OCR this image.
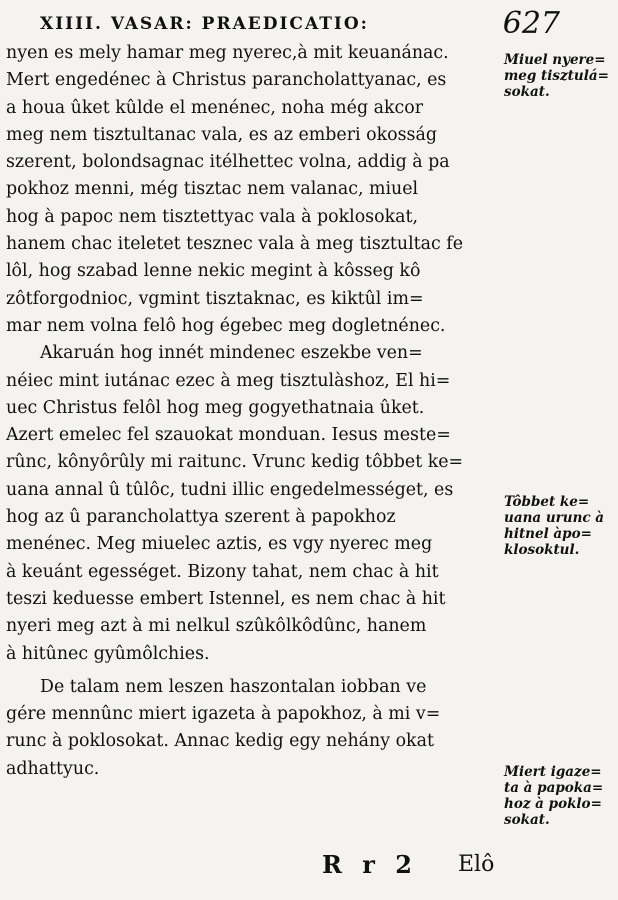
XIIII. VASAR: PRAEDICATIO:	627
nyen es mely hamar meg nyerec,à mit keuanánac.
Mert engedénec à Christus parancholattyanac, es
a houa ûket kûlde el menénec, noha még akcor
meg nem tisztultanac vala, es az emberi okosság
szerent, bolondsagnac itélhettec volna, addig à pa
pokhoz menni, még tisztac nem valanac, miuel
hog à papoc nem tisztettyac vala à poklosokat,
hanem chac iteletet tesznec vala à meg tisztultac fe
lôl, hog szabad lenne nekic megint à kôsseg kô
zôtforgodnioc, vgmint tisztaknac, es kiktûl im=
mar nem volna felô hog égebec meg dogletnénec.
Akaruán hog innét mindenec eszekbe ven=
néiec mint iutánac ezec à meg tisztulàshoz, El hi=
uec Christus felôl hog meg gogyethatnaia ûket.
Azert emelec fel szauokat monduan. Iesus meste=
rûnc, kônyôrûly mi raitunc. Vrunc kedig tôbbet ke=
uana annal û tûlôc, tudni illic engedelmességet, es
hog az û parancholattya szerent à papokhoz
menénec. Meg miuelec aztis, es vgy nyerec meg
à keuánt egességet. Bizony tahat, nem chac à hit
teszi keduesse embert Istennel, es nem chac à hit
nyeri meg azt à mi nelkul szûkôlkôdûnc, hanem
à hitûnec gyûmôlchies.
De talam nem leszen haszontalan iobban ve
gére mennûnc miert igazeta à papokhoz, à mi v=
runc à poklosokat. Annac kedig egy nehány okat
adhattyuc.
Miuel nyere=
meg tisztulá=
sokat.
Tôbbet ke=
uana urunc à
hitnel àpo=
klosoktul.
Miert igaze=
ta à papoka=
hoz à poklo=
sokat.
R r 2 Elô
